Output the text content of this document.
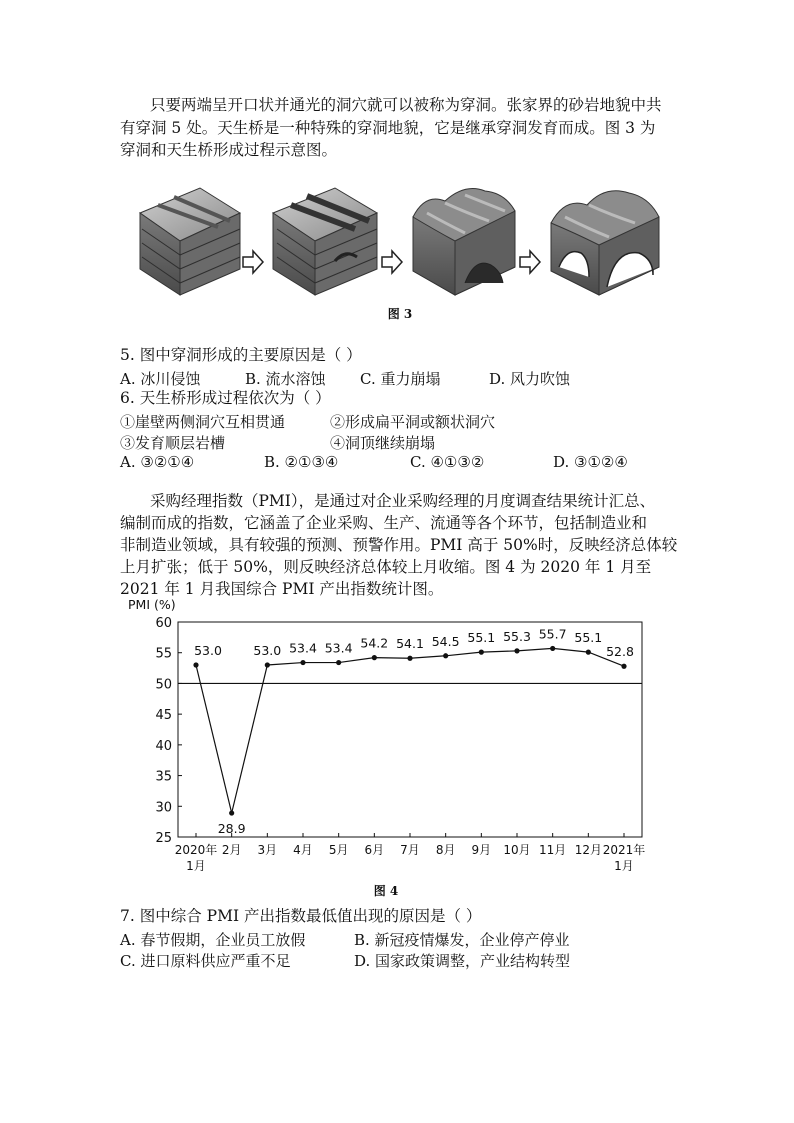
只要两端呈开口状并通光的洞穴就可以被称为穿洞。张家界的砂岩地貌中共
有穿洞 5 处。天生桥是一种特殊的穿洞地貌，它是继承穿洞发育而成。图 3 为
穿洞和天生桥形成过程示意图。

图 3
5. 图中穿洞形成的主要原因是（ ）
A. 冰川侵蚀	B. 流水溶蚀 C. 重力崩塌	D. 风力吹蚀
6. 天生桥形成过程依次为（ ）
①崖壁两侧洞穴互相贯通	②形成扁平洞或额状洞穴
③发育顺层岩槽	④洞顶继续崩塌
A. ③②①④	B. ②①③④	C. ④①③②	D. ③①②④

采购经理指数（PMI），是通过对企业采购经理的月度调查结果统计汇总、
编制而成的指数，它涵盖了企业采购、生产、流通等各个环节，包括制造业和
非制造业领域，具有较强的预测、预警作用。PMI 高于 50%时，反映经济总体较
上月扩张；低于 50%，则反映经济总体较上月收缩。图 4 为 2020 年 1 月至
2021 年 1 月我国综合 PMI 产出指数统计图。

PMI (%)
60
55
50
45
40
35
30
25
2020年
1月
2月 3月 4月 5月 6月 7月 8月 9月 10月 11月 12月 2021年
1月
53.0
28.9
53.0 53.4 53.4 54.2 54.1 54.5 55.1 55.3 55.7 55.1
52.8
图 4
7. 图中综合 PMI 产出指数最低值出现的原因是（ ）
A. 春节假期，企业员工放假	B. 新冠疫情爆发，企业停产停业
C. 进口原料供应严重不足	D. 国家政策调整，产业结构转型
